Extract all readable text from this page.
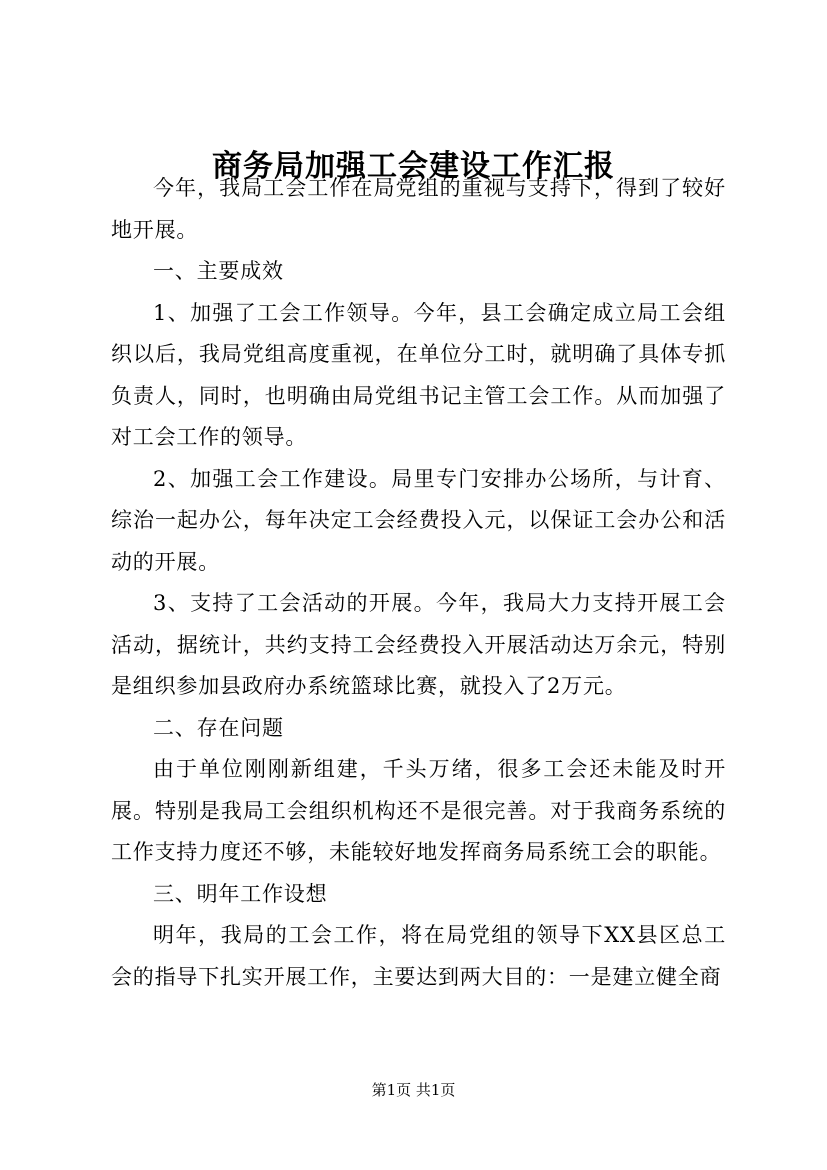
商务局加强工会建设工作汇报

今年，我局工会工作在局党组的重视与支持下，得到了较好地开展。

一、主要成效

1、加强了工会工作领导。今年，县工会确定成立局工会组织以后，我局党组高度重视，在单位分工时，就明确了具体专抓负责人，同时，也明确由局党组书记主管工会工作。从而加强了对工会工作的领导。

2、加强工会工作建设。局里专门安排办公场所，与计育、综治一起办公，每年决定工会经费投入元，以保证工会办公和活动的开展。

3、支持了工会活动的开展。今年，我局大力支持开展工会活动，据统计，共约支持工会经费投入开展活动达万余元，特别是组织参加县政府办系统篮球比赛，就投入了2万元。

二、存在问题

由于单位刚刚新组建，千头万绪，很多工会还未能及时开展。特别是我局工会组织机构还不是很完善。对于我商务系统的工作支持力度还不够，未能较好地发挥商务局系统工会的职能。

三、明年工作设想

明年，我局的工会工作，将在局党组的领导下XX县区总工会的指导下扎实开展工作，主要达到两大目的：一是建立健全商

第1页 共1页
